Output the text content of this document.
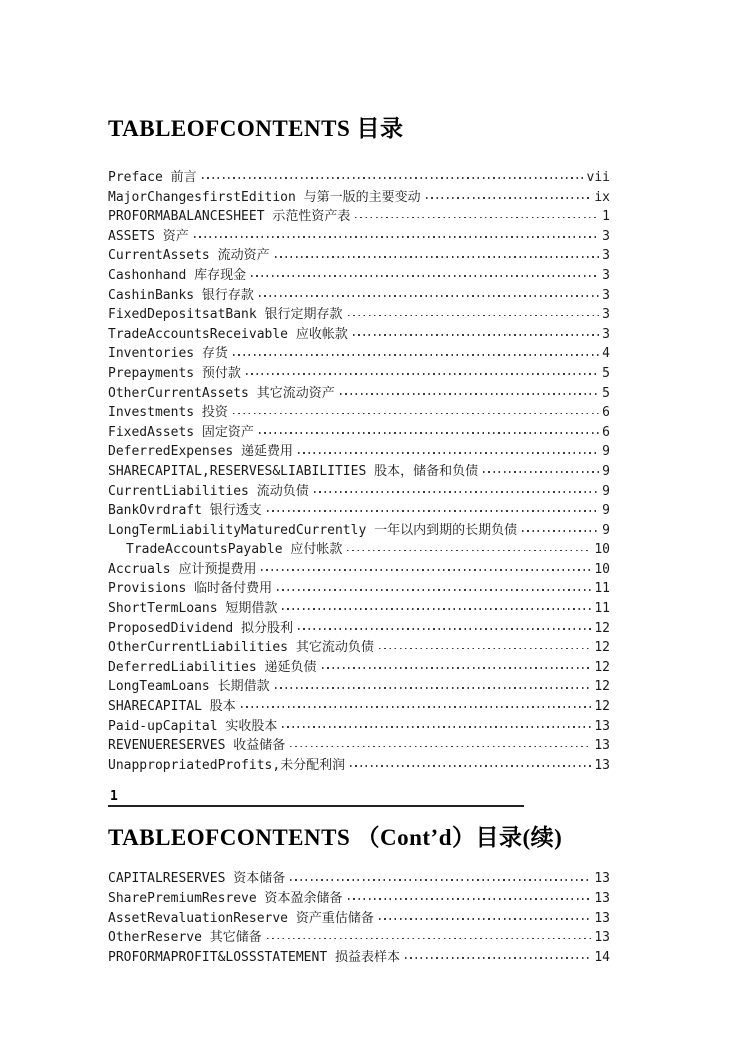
TABLEOFCONTENTS 目录
Preface 前言	vii
MajorChangesfirstEdition 与第一版的主要变动	ix
PROFORMABALANCESHEET 示范性资产表	1
ASSETS 资产	3
CurrentAssets 流动资产	3
Cashonhand 库存现金	3
CashinBanks 银行存款	3
FixedDepositsatBank 银行定期存款	3
TradeAccountsReceivable 应收帐款	3
Inventories 存货	4
Prepayments 预付款	5
OtherCurrentAssets 其它流动资产	5
Investments 投资	6
FixedAssets 固定资产	6
DeferredExpenses 递延费用	9
SHARECAPITAL,RESERVES&LIABILITIES 股本，储备和负债	9
CurrentLiabilities 流动负债	9
BankOvrdraft 银行透支	9
LongTermLiabilityMaturedCurrently 一年以内到期的长期负债	9
TradeAccountsPayable 应付帐款	10
Accruals 应计预提费用	10
Provisions 临时备付费用	11
ShortTermLoans 短期借款	11
ProposedDividend 拟分股利	12
OtherCurrentLiabilities 其它流动负债	12
DeferredLiabilities 递延负债	12
LongTeamLoans 长期借款	12
SHARECAPITAL 股本	12
Paid-upCapital 实收股本	13
REVENUERESERVES 收益储备	13
UnappropriatedProfits,未分配利润	13
1
TABLEOFCONTENTS （Cont’d）目录(续)
CAPITALRESERVES 资本储备	13
SharePremiumResreve 资本盈余储备	13
AssetRevaluationReserve 资产重估储备	13
OtherReserve 其它储备	13
PROFORMAPROFIT&LOSSSTATEMENT 损益表样本	14
